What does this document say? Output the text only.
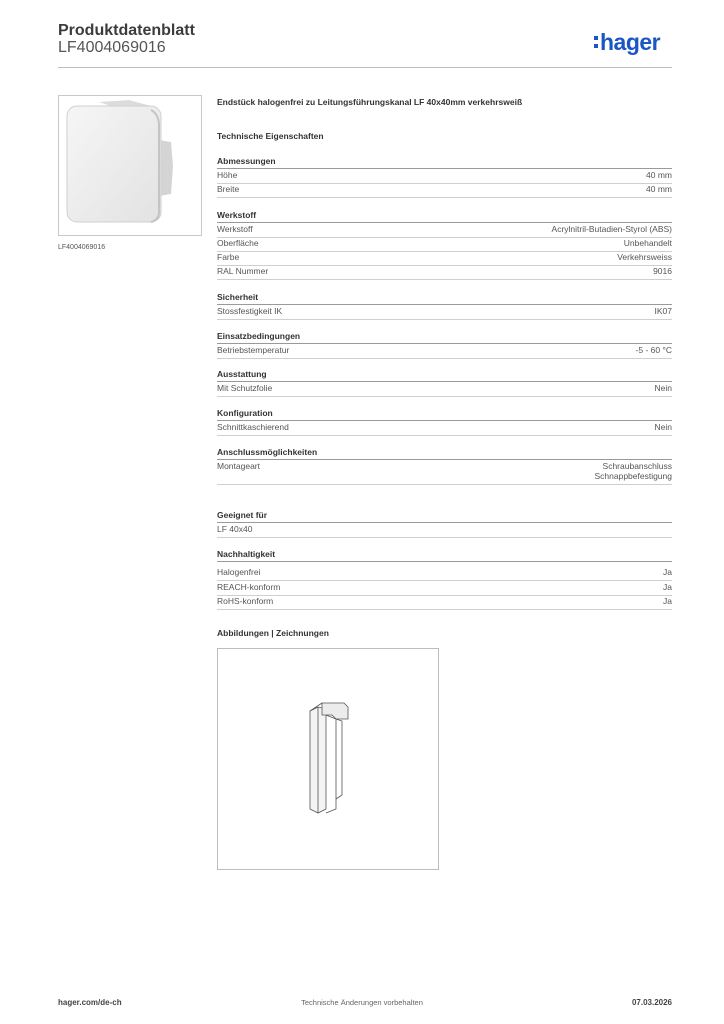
Produktdatenblatt
LF4004069016	hager
LF4004069016
Endstück halogenfrei zu Leitungsführungskanal LF 40x40mm verkehrsweiß
Technische Eigenschaften
Abmessungen
Höhe	40 mm
Breite	40 mm
Werkstoff
Werkstoff	Acrylnitril-Butadien-Styrol (ABS)
Oberfläche	Unbehandelt
Farbe	Verkehrsweiss
RAL Nummer	9016
Sicherheit
Stossfestigkeit IK	IK07
Einsatzbedingungen
Betriebstemperatur	-5 - 60 °C
Ausstattung
Mit Schutzfolie	Nein
Konfiguration
Schnittkaschierend	Nein
Anschlussmöglichkeiten
Montageart	Schraubanschluss
Schnappbefestigung
Geeignet für
LF 40x40
Nachhaltigkeit
Halogenfrei	Ja
REACH-konform	Ja
RoHS-konform	Ja
Abbildungen | Zeichnungen
hager.com/de-ch	Technische Änderungen vorbehalten	07.03.2026
